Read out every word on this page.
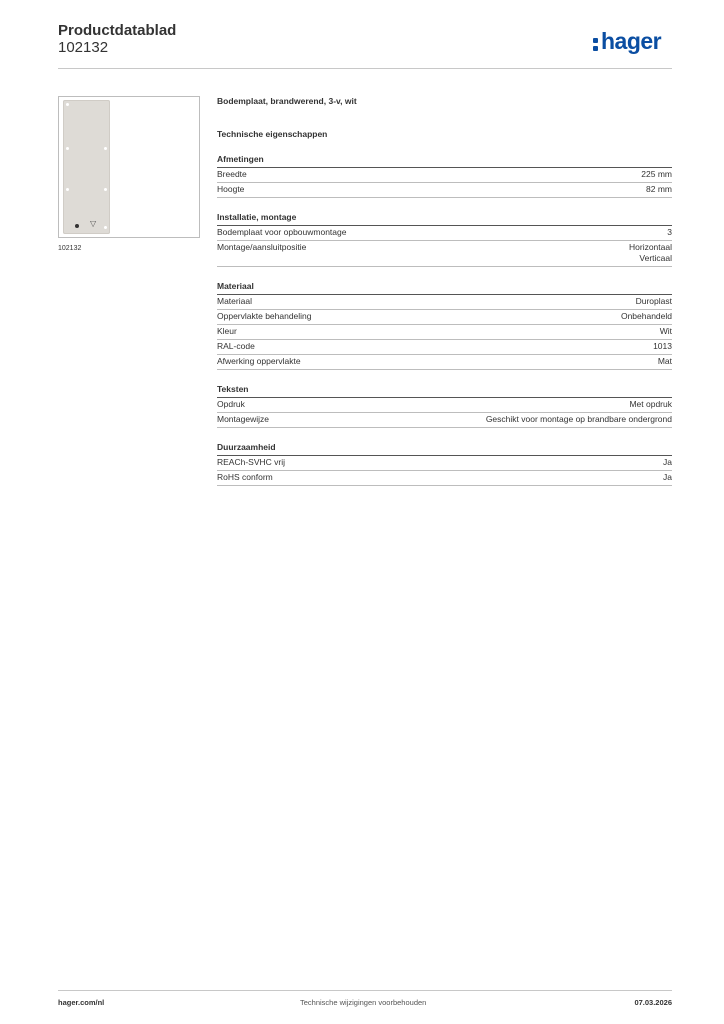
Productdatablad
102132	hager
▽
102132
Bodemplaat, brandwerend, 3-v, wit
Technische eigenschappen
Afmetingen
Breedte	225 mm
Hoogte	82 mm
Installatie, montage
Bodemplaat voor opbouwmontage	3
Montage/aansluitpositie	Horizontaal
Verticaal
Materiaal
Materiaal	Duroplast
Oppervlakte behandeling	Onbehandeld
Kleur	Wit
RAL-code	1013
Afwerking oppervlakte	Mat
Teksten
Opdruk	Met opdruk
Montagewijze	Geschikt voor montage op brandbare ondergrond
Duurzaamheid
REACh-SVHC vrij	Ja
RoHS conform	Ja
hager.com/nl	Technische wijzigingen voorbehouden	07.03.2026
